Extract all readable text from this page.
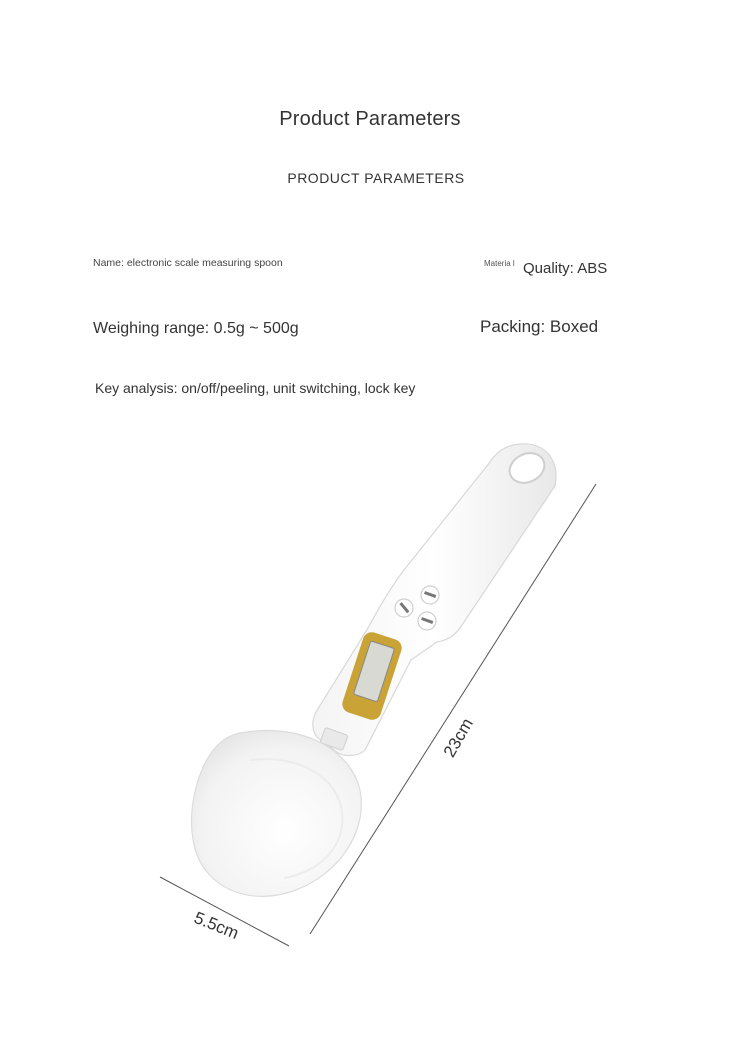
Product Parameters
PRODUCT PARAMETERS
Name: electronic scale measuring spoon	Materia l Quality: ABS
Weighing range: 0.5g ~ 500g	Packing: Boxed
Key analysis: on/off/peeling, unit switching, lock key
23cm
5.5cm
